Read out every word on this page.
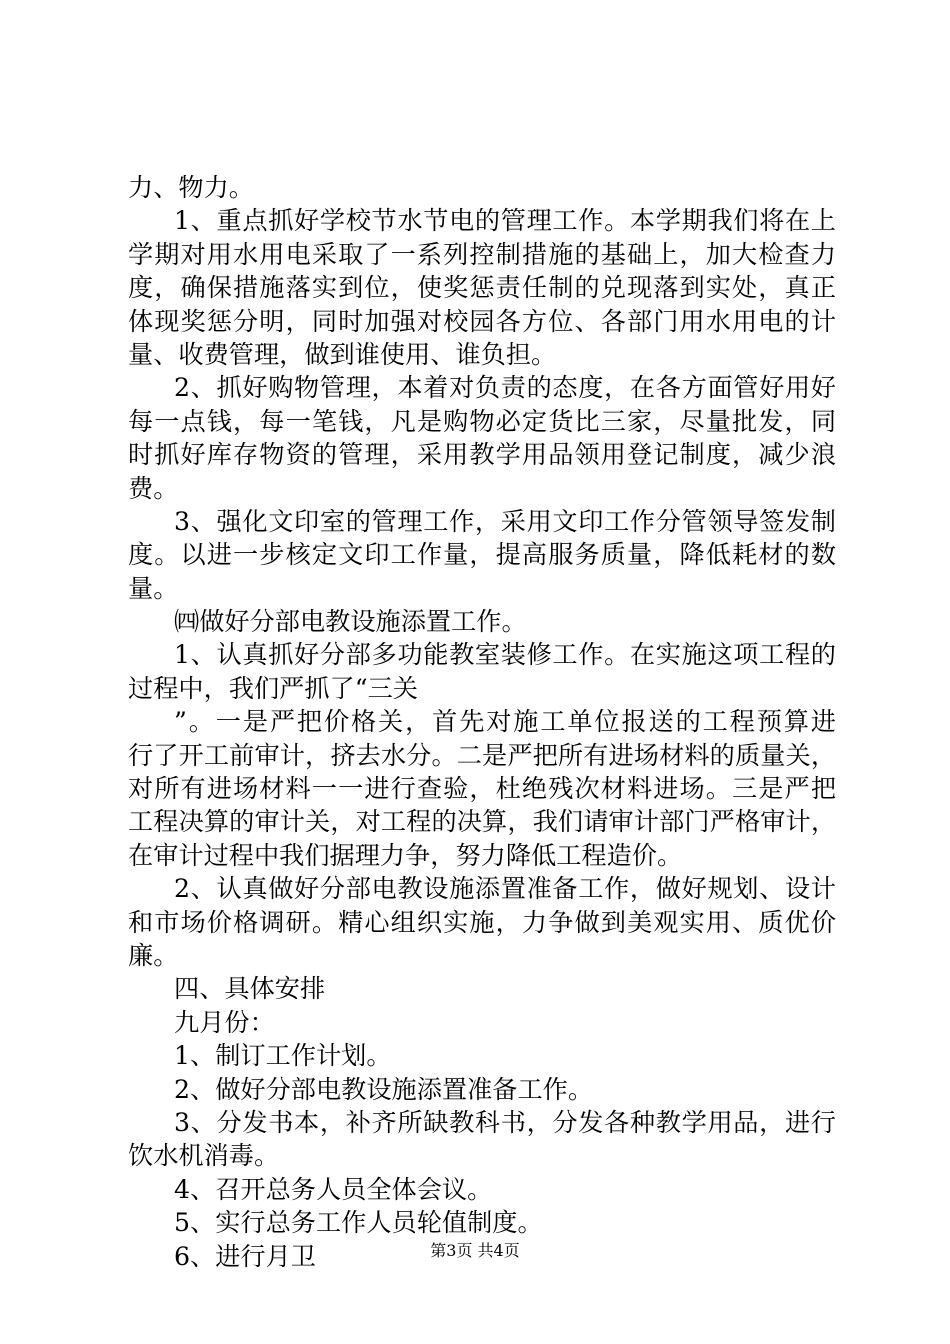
力、物力。
1、重点抓好学校节水节电的管理工作。本学期我们将在上
学期对用水用电采取了一系列控制措施的基础上，加大检查力
度，确保措施落实到位，使奖惩责任制的兑现落到实处，真正
体现奖惩分明，同时加强对校园各方位、各部门用水用电的计
量、收费管理，做到谁使用、谁负担。
2、抓好购物管理，本着对负责的态度，在各方面管好用好
每一点钱，每一笔钱，凡是购物必定货比三家，尽量批发，同
时抓好库存物资的管理，采用教学用品领用登记制度，减少浪
费。
3、强化文印室的管理工作，采用文印工作分管领导签发制
度。以进一步核定文印工作量，提高服务质量，降低耗材的数
量。
㈣做好分部电教设施添置工作。
1、认真抓好分部多功能教室装修工作。在实施这项工程的
过程中，我们严抓了“三关
”。一是严把价格关，首先对施工单位报送的工程预算进
行了开工前审计，挤去水分。二是严把所有进场材料的质量关，
对所有进场材料一一进行查验，杜绝残次材料进场。三是严把
工程决算的审计关，对工程的决算，我们请审计部门严格审计，
在审计过程中我们据理力争，努力降低工程造价。
2、认真做好分部电教设施添置准备工作，做好规划、设计
和市场价格调研。精心组织实施，力争做到美观实用、质优价
廉。
四、具体安排
九月份：
1、制订工作计划。
2、做好分部电教设施添置准备工作。
3、分发书本，补齐所缺教科书，分发各种教学用品，进行
饮水机消毒。
4、召开总务人员全体会议。
5、实行总务工作人员轮值制度。
6、进行月卫	第3页 共4页
